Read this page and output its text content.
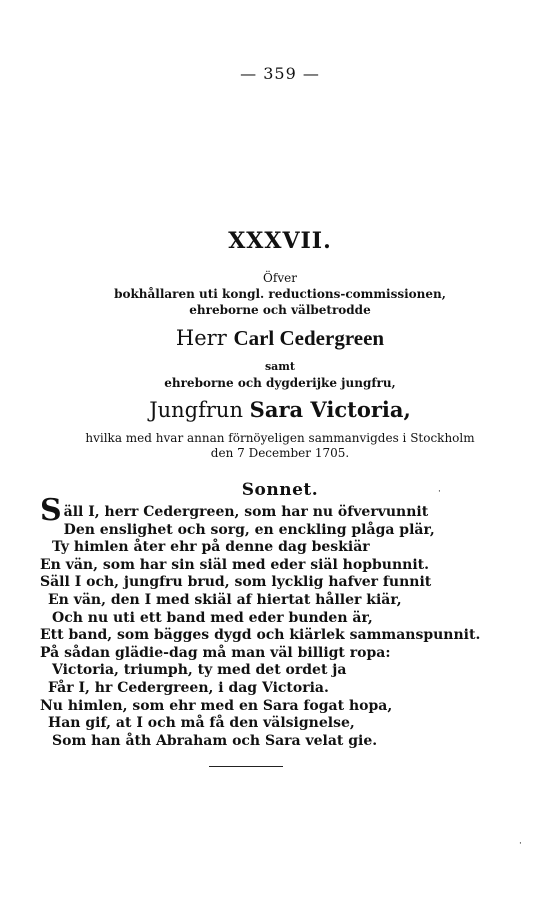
— 359 —
XXXVII.
Öfver
bokhållaren uti kongl. reductions-commissionen,
ehreborne och välbetrodde
Herr Carl Cedergreen
samt
ehreborne och dygderijke jungfru,
Jungfrun Sara Victoria,
hvilka med hvar annan förnöyeligen sammanvigdes i Stockholm
den 7 December 1705.
Sonnet.	·
Säll I, herr Cedergreen, som har nu öfvervunnit
Den enslighet och sorg, en enckling plåga plär,
Ty himlen åter ehr på denne dag beskiär
En vän, som har sin siäl med eder siäl hopbunnit.
Säll I och, jungfru brud, som lycklig hafver funnit
En vän, den I med skiäl af hiertat håller kiär,
Och nu uti ett band med eder bunden är,
Ett band, som bägges dygd och kiärlek sammanspunnit.
På sådan glädie-dag må man väl billigt ropa:
Victoria, triumph, ty med det ordet ja
Får I, hr Cedergreen, i dag Victoria.
Nu himlen, som ehr med en Sara fogat hopa,
Han gif, at I och må få den välsignelse,
Som han åth Abraham och Sara velat gie.
·
